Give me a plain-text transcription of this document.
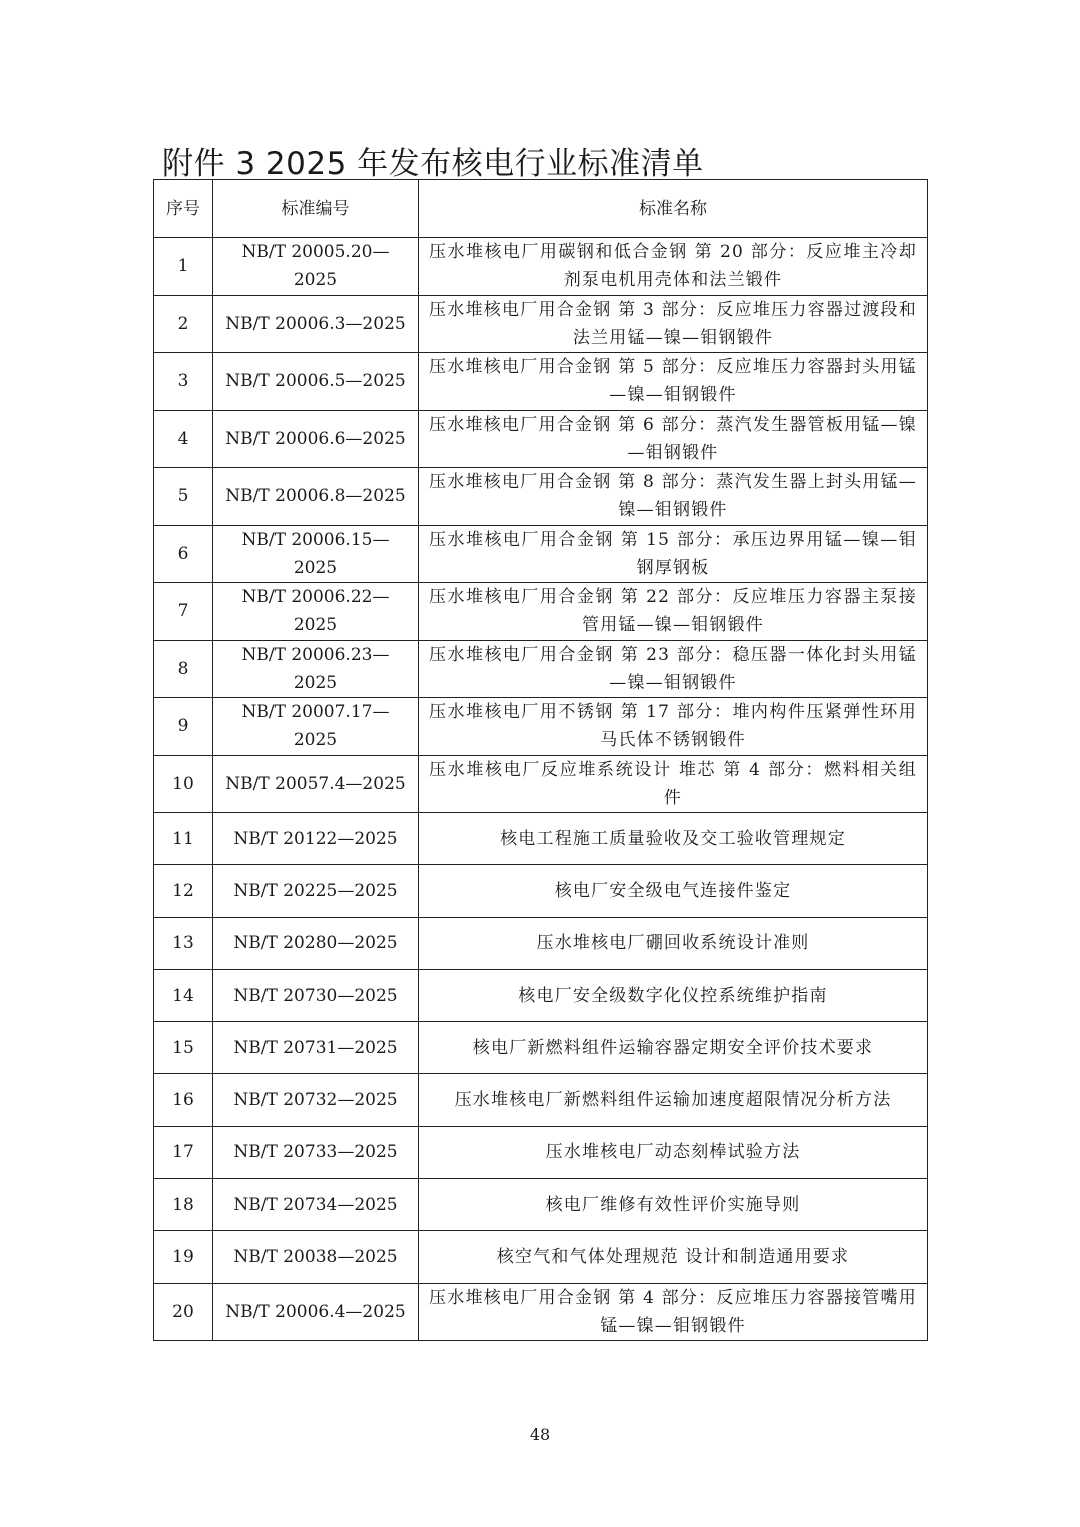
附件 3 2025 年发布核电行业标准清单
序号	标准编号	标准名称
1	NB/T 20005.20—2025	压水堆核电厂用碳钢和低合金钢 第 20 部分：反应堆主冷却剂泵电机用壳体和法兰锻件
2	NB/T 20006.3—2025	压水堆核电厂用合金钢 第 3 部分：反应堆压力容器过渡段和法兰用锰—镍—钼钢锻件
3	NB/T 20006.5—2025	压水堆核电厂用合金钢 第 5 部分：反应堆压力容器封头用锰—镍—钼钢锻件
4	NB/T 20006.6—2025	压水堆核电厂用合金钢 第 6 部分：蒸汽发生器管板用锰—镍—钼钢锻件
5	NB/T 20006.8—2025	压水堆核电厂用合金钢 第 8 部分：蒸汽发生器上封头用锰—镍—钼钢锻件
6	NB/T 20006.15—2025	压水堆核电厂用合金钢 第 15 部分：承压边界用锰—镍—钼钢厚钢板
7	NB/T 20006.22—2025	压水堆核电厂用合金钢 第 22 部分：反应堆压力容器主泵接管用锰—镍—钼钢锻件
8	NB/T 20006.23—2025	压水堆核电厂用合金钢 第 23 部分：稳压器一体化封头用锰—镍—钼钢锻件
9	NB/T 20007.17—2025	压水堆核电厂用不锈钢 第 17 部分：堆内构件压紧弹性环用马氏体不锈钢锻件
10	NB/T 20057.4—2025	压水堆核电厂反应堆系统设计 堆芯 第 4 部分：燃料相关组件
11	NB/T 20122—2025	核电工程施工质量验收及交工验收管理规定
12	NB/T 20225—2025	核电厂安全级电气连接件鉴定
13	NB/T 20280—2025	压水堆核电厂硼回收系统设计准则
14	NB/T 20730—2025	核电厂安全级数字化仪控系统维护指南
15	NB/T 20731—2025	核电厂新燃料组件运输容器定期安全评价技术要求
16	NB/T 20732—2025	压水堆核电厂新燃料组件运输加速度超限情况分析方法
17	NB/T 20733—2025	压水堆核电厂动态刻棒试验方法
18	NB/T 20734—2025	核电厂维修有效性评价实施导则
19	NB/T 20038—2025	核空气和气体处理规范 设计和制造通用要求
20	NB/T 20006.4—2025	压水堆核电厂用合金钢 第 4 部分：反应堆压力容器接管嘴用锰—镍—钼钢锻件
48
